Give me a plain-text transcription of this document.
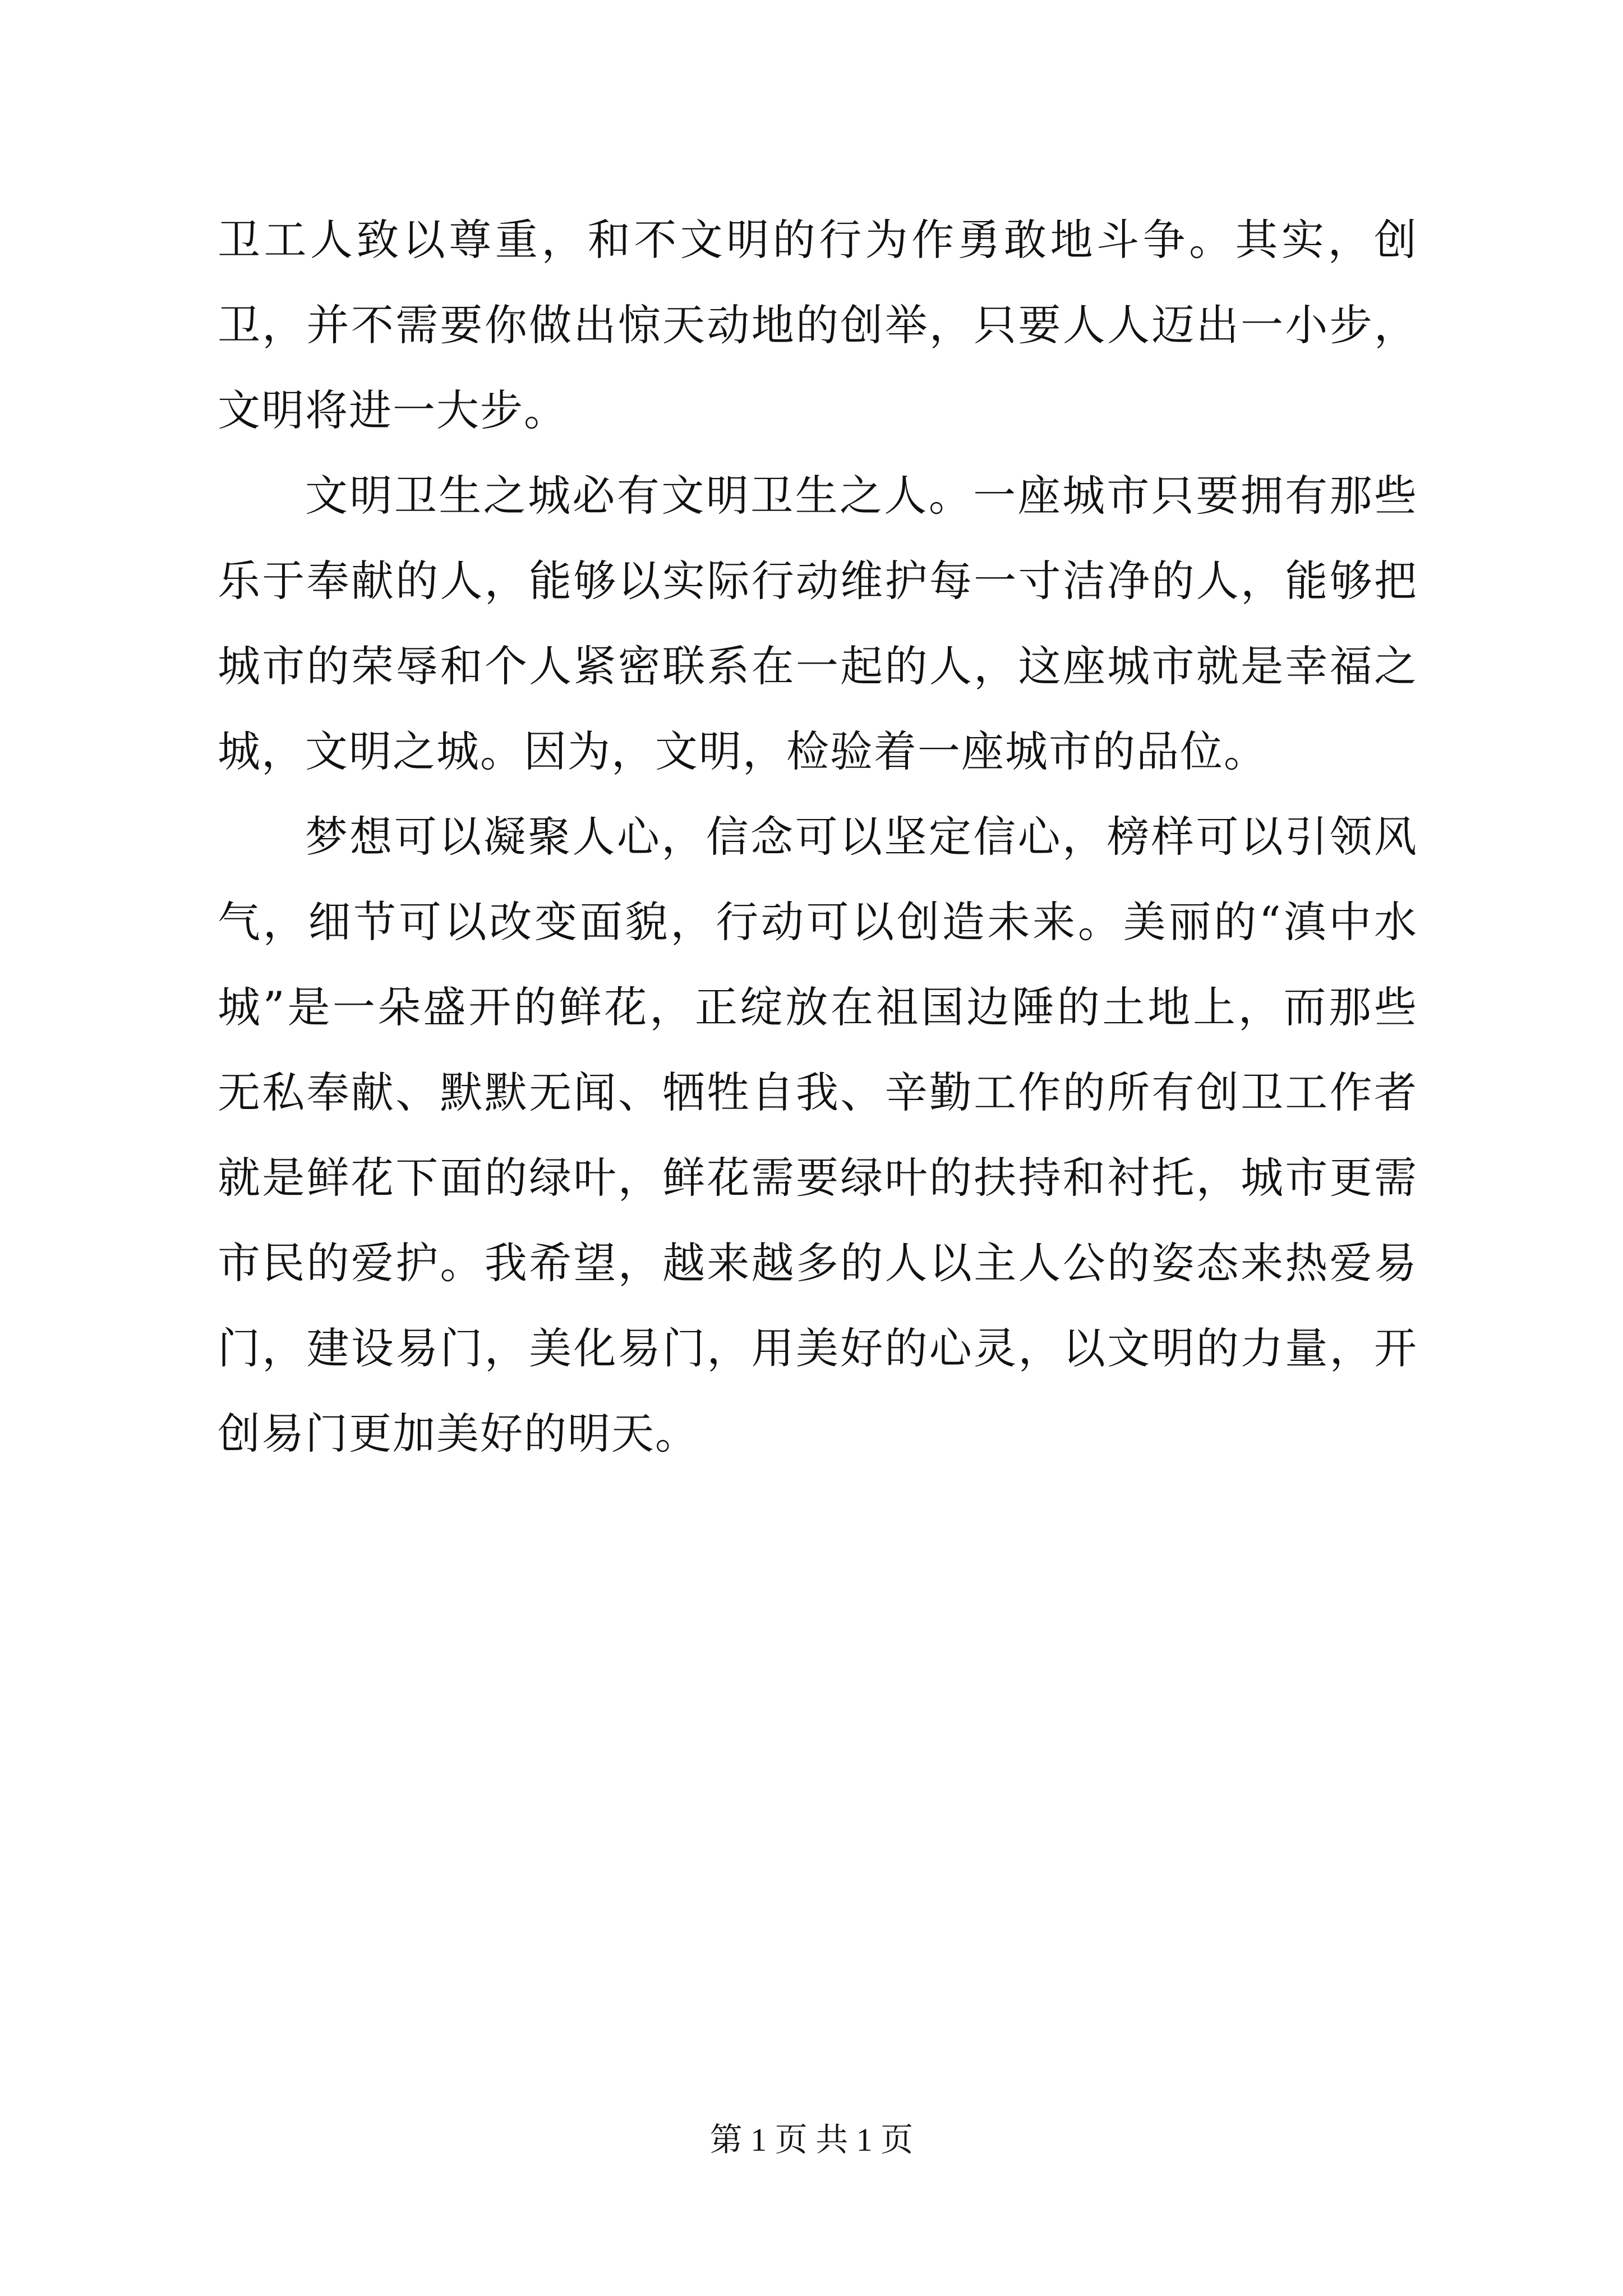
卫工人致以尊重，和不文明的行为作勇敢地斗争。其实，创卫，并不需要你做出惊天动地的创举，只要人人迈出一小步，文明将进一大步。

文明卫生之城必有文明卫生之人。一座城市只要拥有那些乐于奉献的人，能够以实际行动维护每一寸洁净的人，能够把城市的荣辱和个人紧密联系在一起的人，这座城市就是幸福之城，文明之城。因为，文明，检验着一座城市的品位。

梦想可以凝聚人心，信念可以坚定信心，榜样可以引领风气，细节可以改变面貌，行动可以创造未来。美丽的“滇中水城”是一朵盛开的鲜花，正绽放在祖国边陲的土地上，而那些无私奉献、默默无闻、牺牲自我、辛勤工作的所有创卫工作者就是鲜花下面的绿叶，鲜花需要绿叶的扶持和衬托，城市更需市民的爱护。我希望，越来越多的人以主人公的姿态来热爱易门，建设易门，美化易门，用美好的心灵，以文明的力量，开创易门更加美好的明天。

第 1 页 共 1 页
